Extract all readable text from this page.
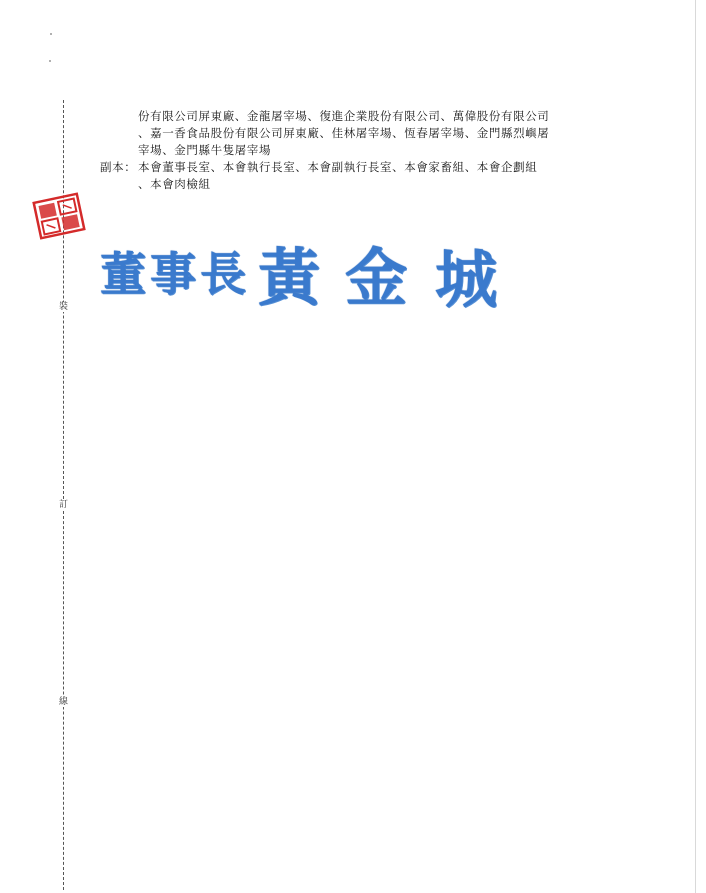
裝
訂
線
份有限公司屏東廠、金龍屠宰場、復進企業股份有限公司、萬偉股份有限公司
、嘉一香食品股份有限公司屏東廠、佳林屠宰場、恆春屠宰場、金門縣烈嶼屠
宰場、金門縣牛隻屠宰場
副本： 本會董事長室、本會執行長室、本會副執行長室、本會家畜組、本會企劃組
、本會肉檢組
董 事 長 黃 金 城
